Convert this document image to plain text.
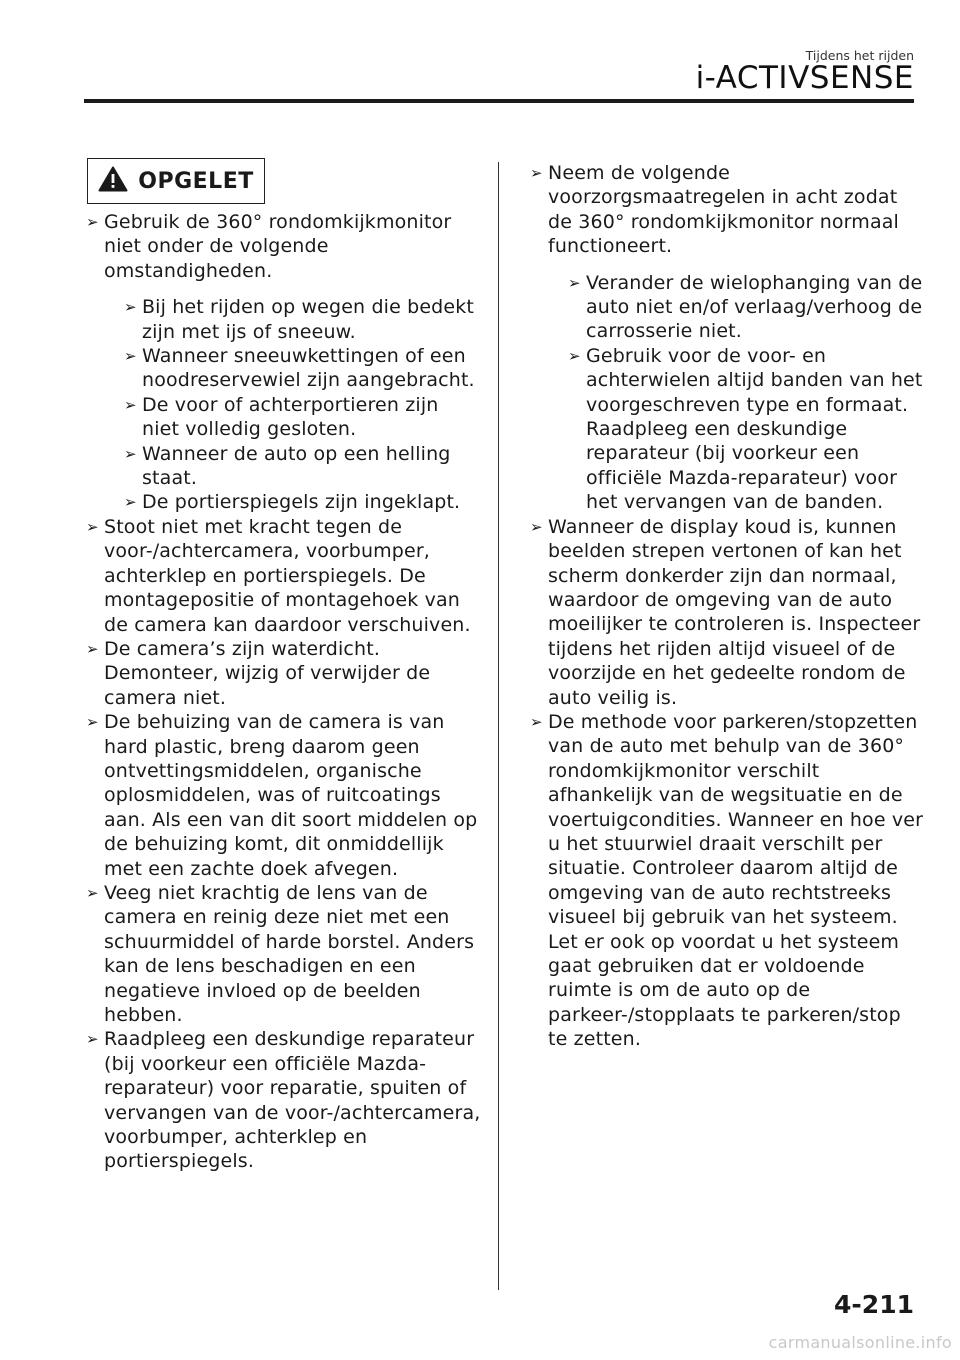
Tijdens het rijden
i-ACTIVSENSE
OPGELET
➢ Gebruik de 360° rondomkijkmonitor niet onder de volgende omstandigheden.
➢ Bij het rijden op wegen die bedekt zijn met ijs of sneeuw.
➢ Wanneer sneeuwkettingen of een noodreservewiel zijn aangebracht.
➢ De voor of achterportieren zijn niet volledig gesloten.
➢ Wanneer de auto op een helling staat.
➢ De portierspiegels zijn ingeklapt.
➢ Stoot niet met kracht tegen de voor-/achtercamera, voorbumper, achterklep en portierspiegels. De montagepositie of montagehoek van de camera kan daardoor verschuiven.
➢ De camera’s zijn waterdicht. Demonteer, wijzig of verwijder de camera niet.
➢ De behuizing van de camera is van hard plastic, breng daarom geen ontvettingsmiddelen, organische oplosmiddelen, was of ruitcoatings aan. Als een van dit soort middelen op de behuizing komt, dit onmiddellijk met een zachte doek afvegen.
➢ Veeg niet krachtig de lens van de camera en reinig deze niet met een schuurmiddel of harde borstel. Anders kan de lens beschadigen en een negatieve invloed op de beelden hebben.
➢ Raadpleeg een deskundige reparateur (bij voorkeur een officiële Mazda-reparateur) voor reparatie, spuiten of vervangen van de voor-/achtercamera, voorbumper, achterklep en portierspiegels.
➢ Neem de volgende voorzorgsmaatregelen in acht zodat de 360° rondomkijkmonitor normaal functioneert.
➢ Verander de wielophanging van de auto niet en/of verlaag/verhoog de carrosserie niet.
➢ Gebruik voor de voor- en achterwielen altijd banden van het voorgeschreven type en formaat. Raadpleeg een deskundige reparateur (bij voorkeur een officiële Mazda-reparateur) voor het vervangen van de banden.
➢ Wanneer de display koud is, kunnen beelden strepen vertonen of kan het scherm donkerder zijn dan normaal, waardoor de omgeving van de auto moeilijker te controleren is. Inspecteer tijdens het rijden altijd visueel of de voorzijde en het gedeelte rondom de auto veilig is.
➢ De methode voor parkeren/stopzetten van de auto met behulp van de 360° rondomkijkmonitor verschilt afhankelijk van de wegsituatie en de voertuigcondities. Wanneer en hoe ver u het stuurwiel draait verschilt per situatie. Controleer daarom altijd de omgeving van de auto rechtstreeks visueel bij gebruik van het systeem. Let er ook op voordat u het systeem gaat gebruiken dat er voldoende ruimte is om de auto op de parkeer-/stopplaats te parkeren/stop te zetten.
4-211
carmanualsonline.info
